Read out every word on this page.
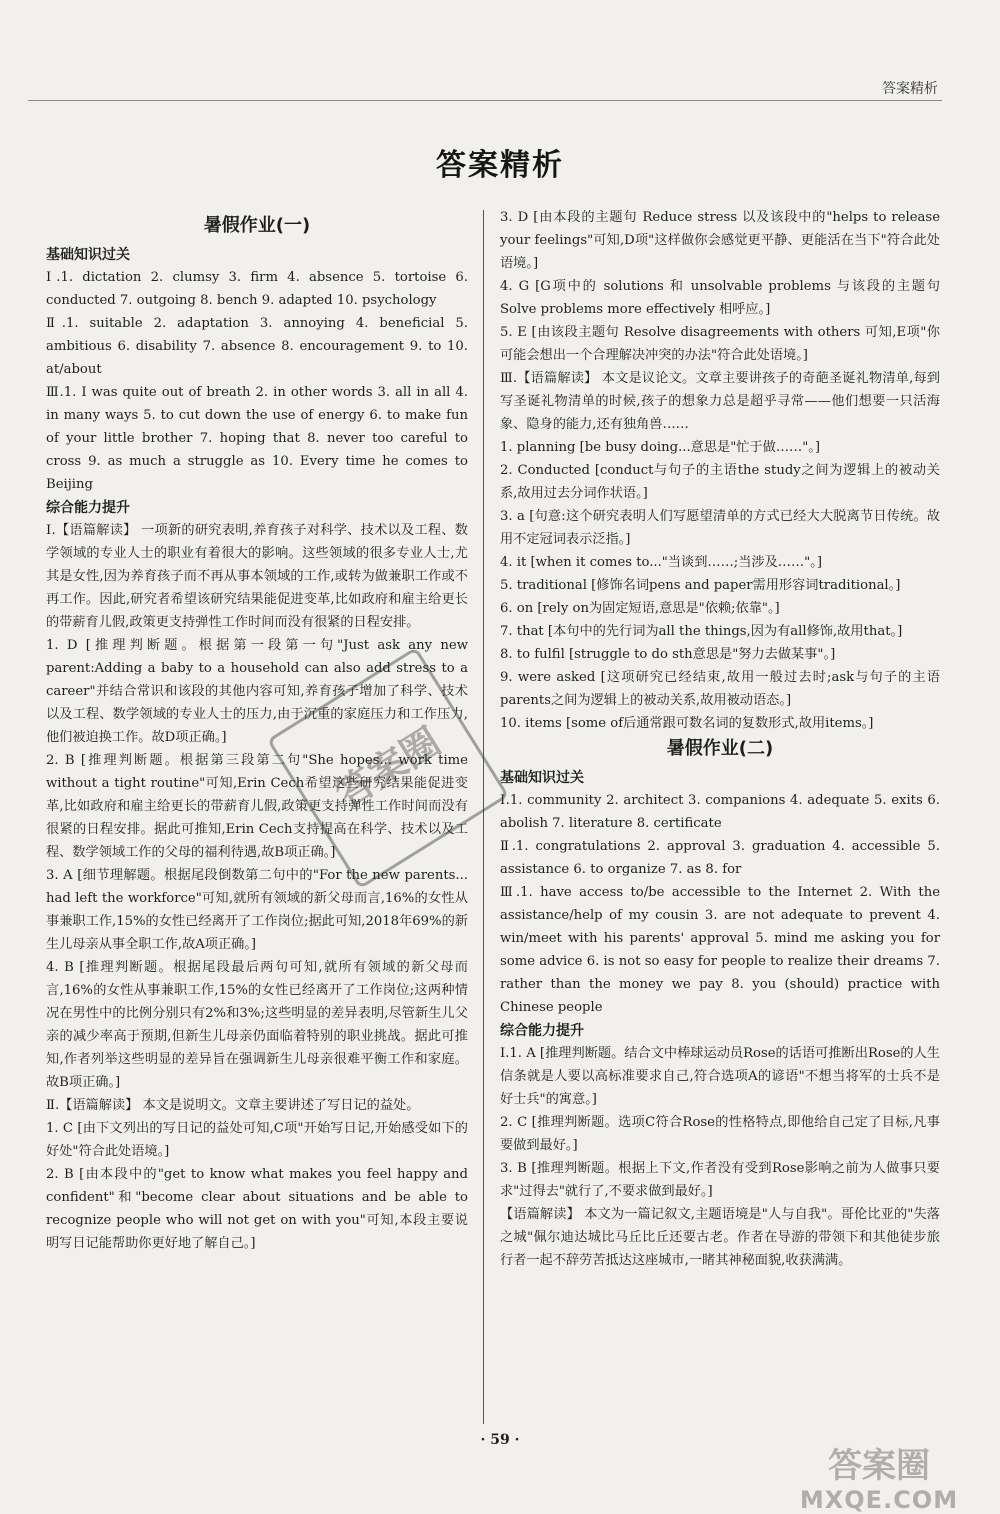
答案精析
答案精析
暑假作业(一)
基础知识过关
Ⅰ.1. dictation 2. clumsy 3. firm 4. absence 5. tortoise 6. conducted 7. outgoing 8. bench 9. adapted 10. psychology
Ⅱ.1. suitable 2. adaptation 3. annoying 4. beneficial 5. ambitious 6. disability 7. absence 8. encouragement 9. to 10. at/about
Ⅲ.1. I was quite out of breath 2. in other words 3. all in all 4. in many ways 5. to cut down the use of energy 6. to make fun of your little brother 7. hoping that 8. never too careful to cross 9. as much a struggle as 10. Every time he comes to Beijing
综合能力提升
Ⅰ.【语篇解读】 一项新的研究表明,养育孩子对科学、技术以及工程、数学领域的专业人士的职业有着很大的影响。这些领域的很多专业人士,尤其是女性,因为养育孩子而不再从事本领域的工作,或转为做兼职工作或不再工作。因此,研究者希望该研究结果能促进变革,比如政府和雇主给更长的带薪育儿假,政策更支持弹性工作时间而没有很紧的日程安排。
1. D [推理判断题。根据第一段第一句"Just ask any new parent:Adding a baby to a household can also add stress to a career"并结合常识和该段的其他内容可知,养育孩子增加了科学、技术以及工程、数学领域的专业人士的压力,由于沉重的家庭压力和工作压力,他们被迫换工作。故D项正确。]
2. B [推理判断题。根据第三段第二句"She hopes... work time without a tight routine"可知,Erin Cech希望这些研究结果能促进变革,比如政府和雇主给更长的带薪育儿假,政策更支持弹性工作时间而没有很紧的日程安排。据此可推知,Erin Cech支持提高在科学、技术以及工程、数学领域工作的父母的福利待遇,故B项正确。]
3. A [细节理解题。根据尾段倒数第二句中的"For the new parents... had left the workforce"可知,就所有领域的新父母而言,16%的女性从事兼职工作,15%的女性已经离开了工作岗位;据此可知,2018年69%的新生儿母亲从事全职工作,故A项正确。]
4. B [推理判断题。根据尾段最后两句可知,就所有领域的新父母而言,16%的女性从事兼职工作,15%的女性已经离开了工作岗位;这两种情况在男性中的比例分别只有2%和3%;这些明显的差异表明,尽管新生儿父亲的减少率高于预期,但新生儿母亲仍面临着特别的职业挑战。据此可推知,作者列举这些明显的差异旨在强调新生儿母亲很难平衡工作和家庭。故B项正确。]
Ⅱ.【语篇解读】 本文是说明文。文章主要讲述了写日记的益处。
1. C [由下文列出的写日记的益处可知,C项"开始写日记,开始感受如下的好处"符合此处语境。]
2. B [由本段中的"get to know what makes you feel happy and confident"和"become clear about situations and be able to recognize people who will not get on with you"可知,本段主要说明写日记能帮助你更好地了解自己。]
3. D [由本段的主题句 Reduce stress 以及该段中的"helps to release your feelings"可知,D项"这样做你会感觉更平静、更能活在当下"符合此处语境。]
4. G [G项中的 solutions 和 unsolvable problems 与该段的主题句 Solve problems more effectively 相呼应。]
5. E [由该段主题句 Resolve disagreements with others 可知,E项"你可能会想出一个合理解决冲突的办法"符合此处语境。]
Ⅲ.【语篇解读】 本文是议论文。文章主要讲孩子的奇葩圣诞礼物清单,每到写圣诞礼物清单的时候,孩子的想象力总是超乎寻常——他们想要一只活海象、隐身的能力,还有独角兽……
1. planning [be busy doing...意思是"忙于做……"。]
2. Conducted [conduct与句子的主语the study之间为逻辑上的被动关系,故用过去分词作状语。]
3. a [句意:这个研究表明人们写愿望清单的方式已经大大脱离节日传统。故用不定冠词表示泛指。]
4. it [when it comes to..."当谈到……;当涉及……"。]
5. traditional [修饰名词pens and paper需用形容词traditional。]
6. on [rely on为固定短语,意思是"依赖;依靠"。]
7. that [本句中的先行词为all the things,因为有all修饰,故用that。]
8. to fulfil [struggle to do sth意思是"努力去做某事"。]
9. were asked [这项研究已经结束,故用一般过去时;ask与句子的主语parents之间为逻辑上的被动关系,故用被动语态。]
10. items [some of后通常跟可数名词的复数形式,故用items。]
暑假作业(二)
基础知识过关
Ⅰ.1. community 2. architect 3. companions 4. adequate 5. exits 6. abolish 7. literature 8. certificate
Ⅱ.1. congratulations 2. approval 3. graduation 4. accessible 5. assistance 6. to organize 7. as 8. for
Ⅲ.1. have access to/be accessible to the Internet 2. With the assistance/help of my cousin 3. are not adequate to prevent 4. win/meet with his parents' approval 5. mind me asking you for some advice 6. is not so easy for people to realize their dreams 7. rather than the money we pay 8. you (should) practice with Chinese people
综合能力提升
Ⅰ.1. A [推理判断题。结合文中棒球运动员Rose的话语可推断出Rose的人生信条就是人要以高标准要求自己,符合选项A的谚语"不想当将军的士兵不是好士兵"的寓意。]
2. C [推理判断题。选项C符合Rose的性格特点,即他给自己定了目标,凡事要做到最好。]
3. B [推理判断题。根据上下文,作者没有受到Rose影响之前为人做事只要求"过得去"就行了,不要求做到最好。]
【语篇解读】 本文为一篇记叙文,主题语境是"人与自我"。哥伦比亚的"失落之城"佩尔迪达城比马丘比丘还要古老。作者在导游的带领下和其他徒步旅行者一起不辞劳苦抵达这座城市,一睹其神秘面貌,收获满满。
答案圈
· 59 ·
答案圈
MXQE.COM
